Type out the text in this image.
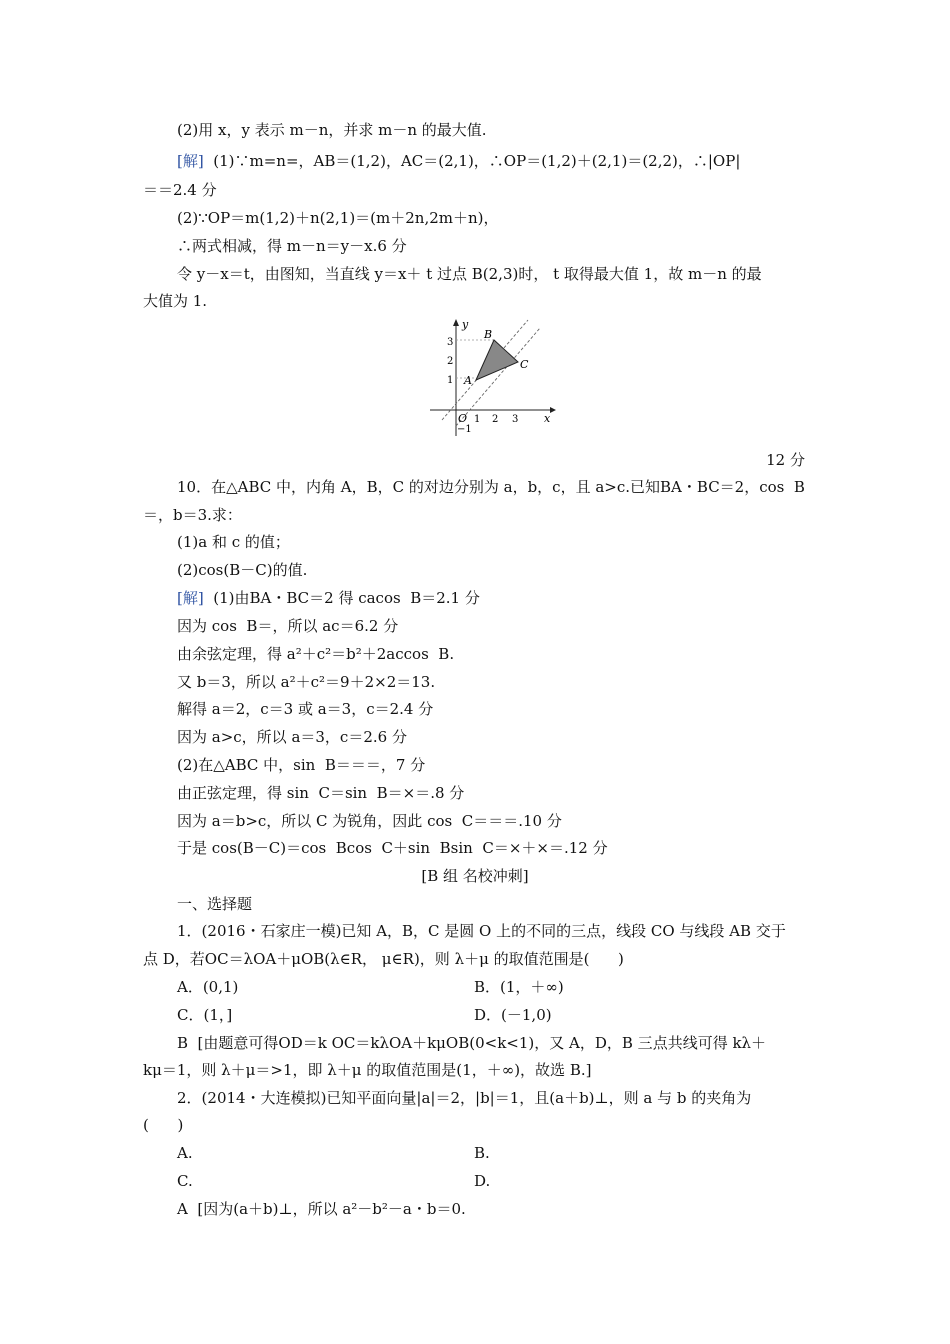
(2)用 x，y 表示 m－n，并求 m－n 的最大值.
[解]  (1)∵m=n=，AB＝(1,2)，AC＝(2,1)，∴OP＝(1,2)＋(2,1)＝(2,2)，∴|OP|
＝＝2.4 分
(2)∵OP＝m(1,2)＋n(2,1)＝(m＋2n,2m＋n)，
∴两式相减，得 m－n＝y－x.6 分
令 y－x＝t，由图知，当直线 y＝x＋ t 过点 B(2,3)时， t 取得最大值 1，故 m－n 的最
大值为 1.
y
x
O 1 2 3
3
2
1
−1
A
B
C
12 分
10．在△ABC 中，内角 A，B，C 的对边分别为 a，b，c，且 a>c.已知BA・BC＝2，cos  B
＝，b＝3.求：
(1)a 和 c 的值；
(2)cos(B－C)的值.
[解]  (1)由BA・BC＝2 得 cacos  B＝2.1 分
因为 cos  B＝，所以 ac＝6.2 分
由余弦定理，得 a²＋c²＝b²＋2accos  B.
又 b＝3，所以 a²＋c²＝9＋2×2＝13.
解得 a＝2，c＝3 或 a＝3，c＝2.4 分
因为 a>c，所以 a＝3，c＝2.6 分
(2)在△ABC 中，sin  B＝＝＝，7 分
由正弦定理，得 sin  C＝sin  B＝×＝.8 分
因为 a＝b>c，所以 C 为锐角，因此 cos  C＝＝＝.10 分
于是 cos(B－C)＝cos  Bcos  C＋sin  Bsin  C＝×＋×＝.12 分
[B 组 名校冲刺]
一、选择题
1．(2016・石家庄一模)已知 A，B，C 是圆 O 上的不同的三点，线段 CO 与线段 AB 交于
点 D，若OC＝λOA＋μOB(λ∈R， μ∈R)，则 λ＋μ 的取值范围是(      )
A．(0,1)	B．(1，＋∞)
C．(1，]	D．(－1,0)
B  [由题意可得OD＝k OC＝kλOA＋kμOB(0<k<1)，又 A，D，B 三点共线可得 kλ＋
kμ＝1，则 λ＋μ＝>1，即 λ＋μ 的取值范围是(1，＋∞)，故选 B.]
2．(2014・大连模拟)已知平面向量|a|＝2，|b|＝1，且(a＋b)⊥，则 a 与 b 的夹角为
(      )
A.	B.
C.	D.
A  [因为(a＋b)⊥，所以 a²－b²－a・b＝0.
